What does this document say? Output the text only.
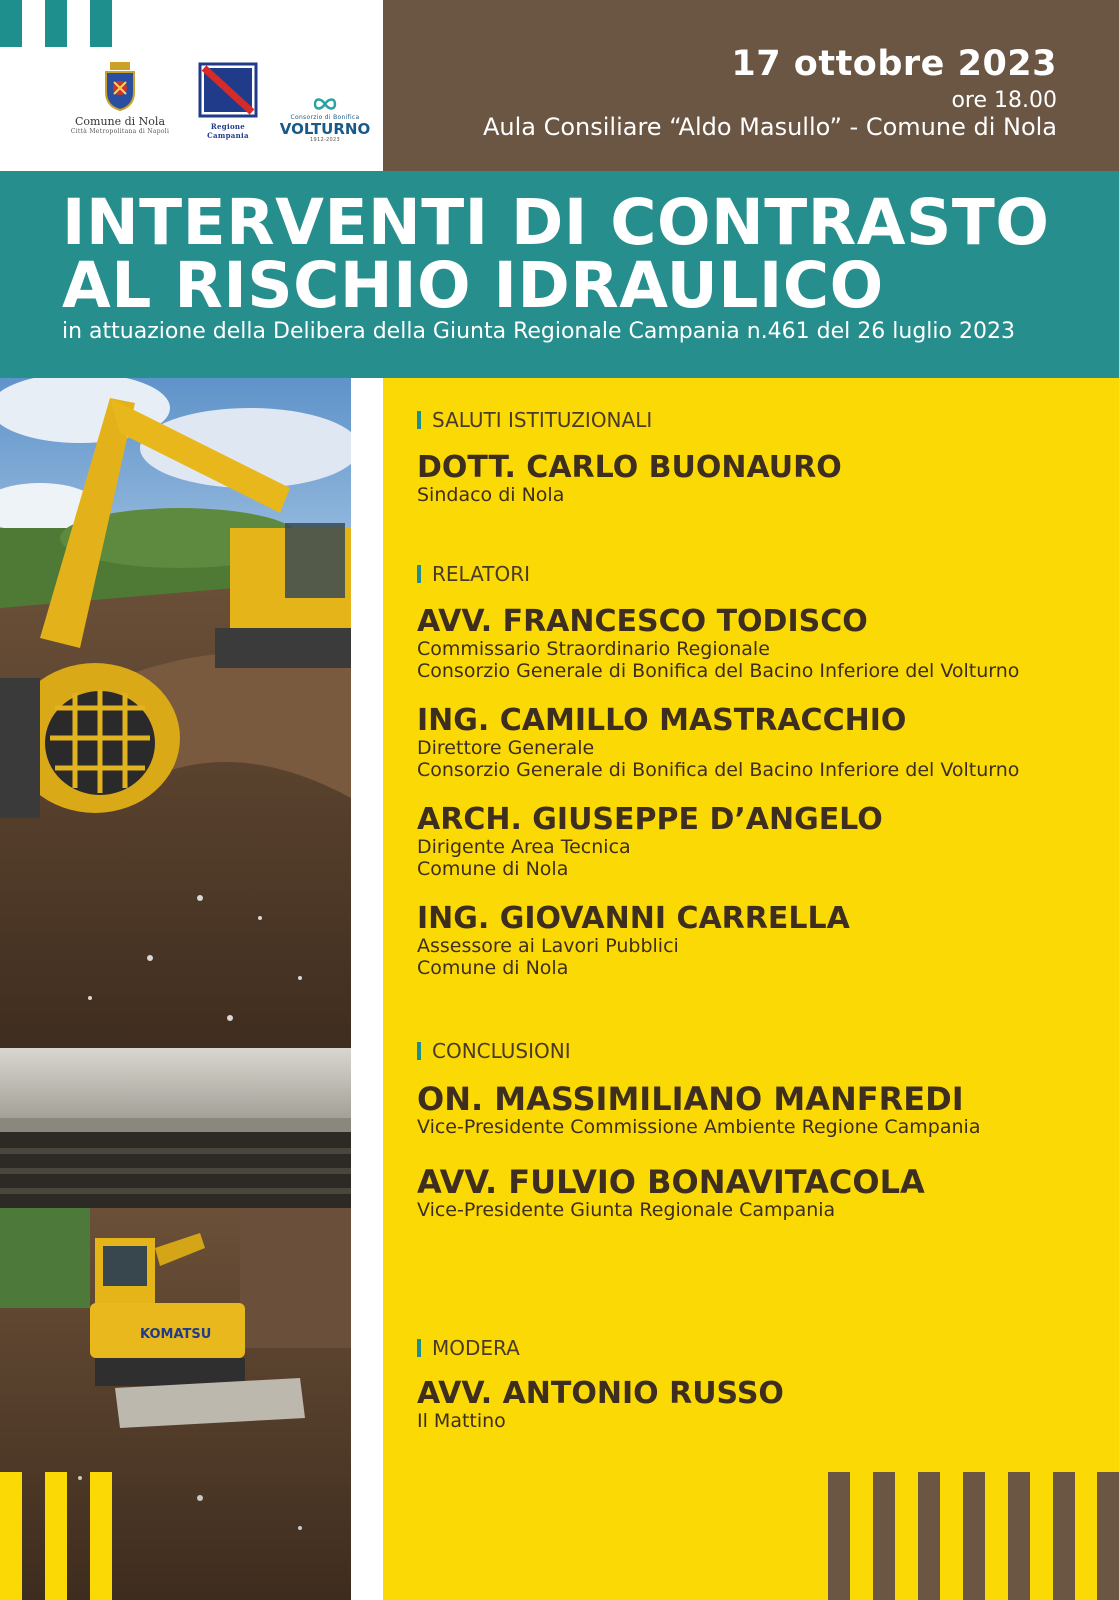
Comune di Nola
Città Metropolitana di Napoli
Regione Campania
Consorzio di Bonifica
VOLTURNO
1912-2023
17 ottobre 2023
ore 18.00
Aula Consiliare “Aldo Masullo” - Comune di Nola
INTERVENTI DI CONTRASTO
AL RISCHIO IDRAULICO
in attuazione della Delibera della Giunta Regionale Campania n.461 del 26 luglio 2023
KOMATSU
SALUTI ISTITUZIONALI
DOTT. CARLO BUONAURO
Sindaco di Nola
RELATORI
AVV. FRANCESCO TODISCO
Commissario Straordinario Regionale
Consorzio Generale di Bonifica del Bacino Inferiore del Volturno
ING. CAMILLO MASTRACCHIO
Direttore Generale
Consorzio Generale di Bonifica del Bacino Inferiore del Volturno
ARCH. GIUSEPPE D’ANGELO
Dirigente Area Tecnica
Comune di Nola
ING. GIOVANNI CARRELLA
Assessore ai Lavori Pubblici
Comune di Nola
CONCLUSIONI
ON. MASSIMILIANO MANFREDI
Vice-Presidente Commissione Ambiente Regione Campania
AVV. FULVIO BONAVITACOLA
Vice-Presidente Giunta Regionale Campania
MODERA
AVV. ANTONIO RUSSO
Il Mattino
